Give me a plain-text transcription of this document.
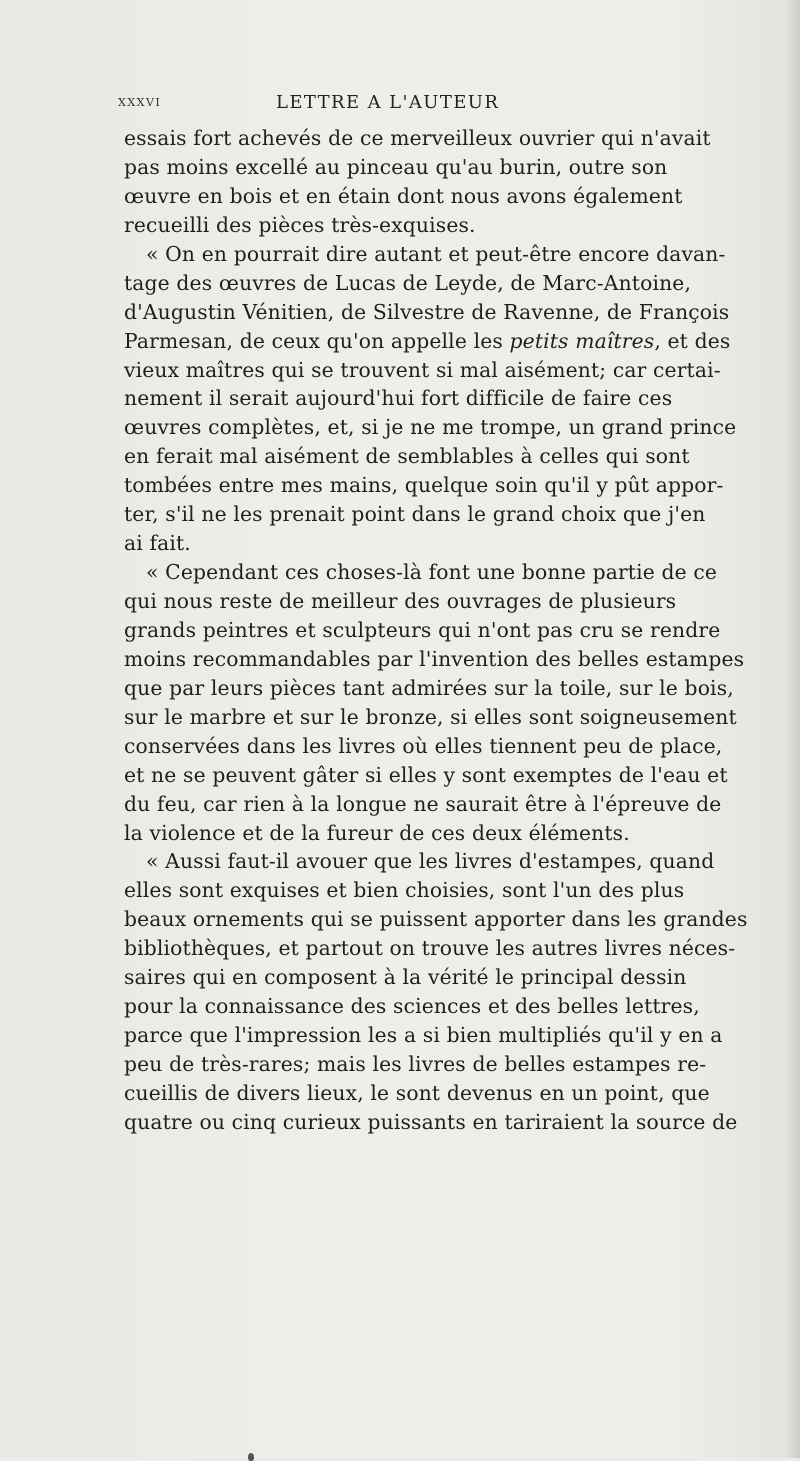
XXXVI	LETTRE A L'AUTEUR
essais fort achevés de ce merveilleux ouvrier qui n'avait
pas moins excellé au pinceau qu'au burin, outre son
œuvre en bois et en étain dont nous avons également
recueilli des pièces très-exquises.
« On en pourrait dire autant et peut-être encore davan-
tage des œuvres de Lucas de Leyde, de Marc-Antoine,
d'Augustin Vénitien, de Silvestre de Ravenne, de François
Parmesan, de ceux qu'on appelle les petits maîtres, et des
vieux maîtres qui se trouvent si mal aisément; car certai-
nement il serait aujourd'hui fort difficile de faire ces
œuvres complètes, et, si je ne me trompe, un grand prince
en ferait mal aisément de semblables à celles qui sont
tombées entre mes mains, quelque soin qu'il y pût appor-
ter, s'il ne les prenait point dans le grand choix que j'en
ai fait.
« Cependant ces choses-là font une bonne partie de ce
qui nous reste de meilleur des ouvrages de plusieurs
grands peintres et sculpteurs qui n'ont pas cru se rendre
moins recommandables par l'invention des belles estampes
que par leurs pièces tant admirées sur la toile, sur le bois,
sur le marbre et sur le bronze, si elles sont soigneusement
conservées dans les livres où elles tiennent peu de place,
et ne se peuvent gâter si elles y sont exemptes de l'eau et
du feu, car rien à la longue ne saurait être à l'épreuve de
la violence et de la fureur de ces deux éléments.
« Aussi faut-il avouer que les livres d'estampes, quand
elles sont exquises et bien choisies, sont l'un des plus
beaux ornements qui se puissent apporter dans les grandes
bibliothèques, et partout on trouve les autres livres néces-
saires qui en composent à la vérité le principal dessin
pour la connaissance des sciences et des belles lettres,
parce que l'impression les a si bien multipliés qu'il y en a
peu de très-rares; mais les livres de belles estampes re-
cueillis de divers lieux, le sont devenus en un point, que
quatre ou cinq curieux puissants en tariraient la source de
